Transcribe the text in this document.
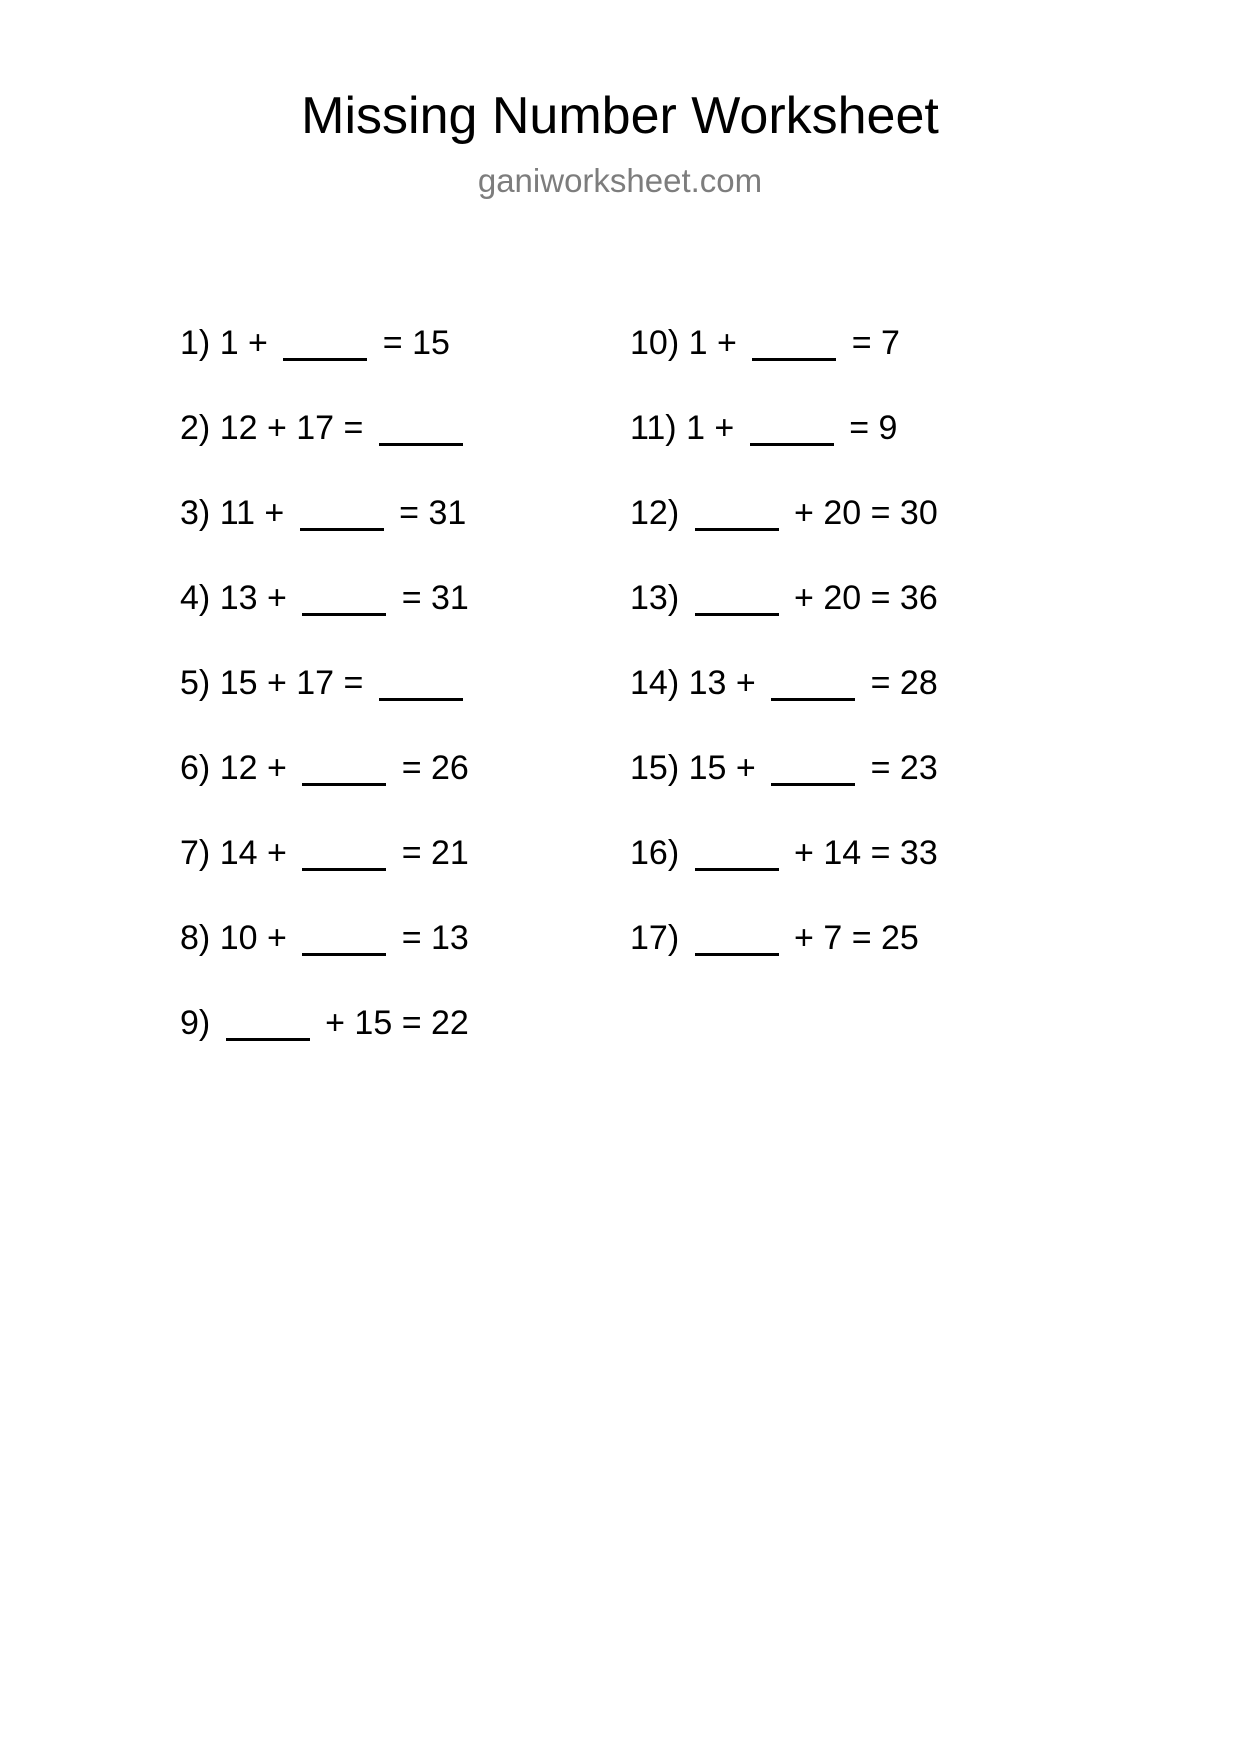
Missing Number Worksheet
ganiworksheet.com
1)
1 +	= 15
2)
12 + 17 =
3)
11 +	= 31
4)
13 +	= 31
5)
15 + 17 =
6)
12 +	= 26
7)
14 +	= 21
8)
10 +	= 13
9)
	+ 15 = 22
10)
1 +	= 7
11)
1 +	= 9
12)
	+ 20 = 30
13)
	+ 20 = 36
14)
13 +	= 28
15)
15 +	= 23
16)
	+ 14 = 33
17)
	+ 7 = 25
